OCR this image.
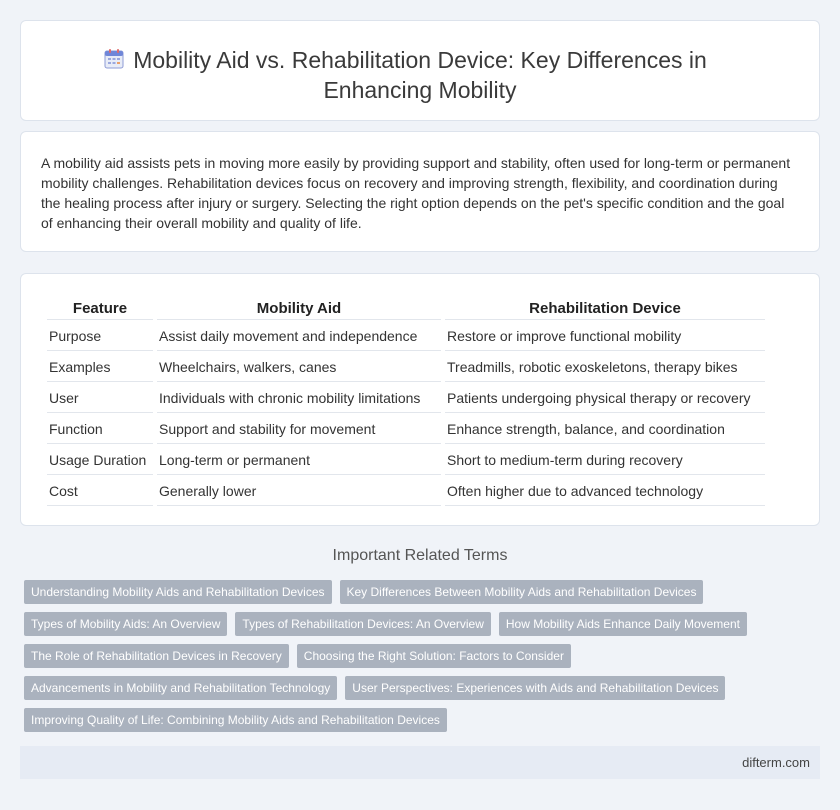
Mobility Aid vs. Rehabilitation Device: Key Differences in Enhancing Mobility

A mobility aid assists pets in moving more easily by providing support and stability, often used for long-term or permanent mobility challenges. Rehabilitation devices focus on recovery and improving strength, flexibility, and coordination during the healing process after injury or surgery. Selecting the right option depends on the pet's specific condition and the goal of enhancing their overall mobility and quality of life.

Feature	Mobility Aid	Rehabilitation Device
Purpose	Assist daily movement and independence	Restore or improve functional mobility
Examples	Wheelchairs, walkers, canes	Treadmills, robotic exoskeletons, therapy bikes
User	Individuals with chronic mobility limitations	Patients undergoing physical therapy or recovery
Function	Support and stability for movement	Enhance strength, balance, and coordination
Usage Duration	Long-term or permanent	Short to medium-term during recovery
Cost	Generally lower	Often higher due to advanced technology
Important Related Terms
Understanding Mobility Aids and Rehabilitation Devices	Key Differences Between Mobility Aids and Rehabilitation Devices
Types of Mobility Aids: An Overview	Types of Rehabilitation Devices: An Overview	How Mobility Aids Enhance Daily Movement
The Role of Rehabilitation Devices in Recovery	Choosing the Right Solution: Factors to Consider
Advancements in Mobility and Rehabilitation Technology	User Perspectives: Experiences with Aids and Rehabilitation Devices
Improving Quality of Life: Combining Mobility Aids and Rehabilitation Devices
difterm.com
